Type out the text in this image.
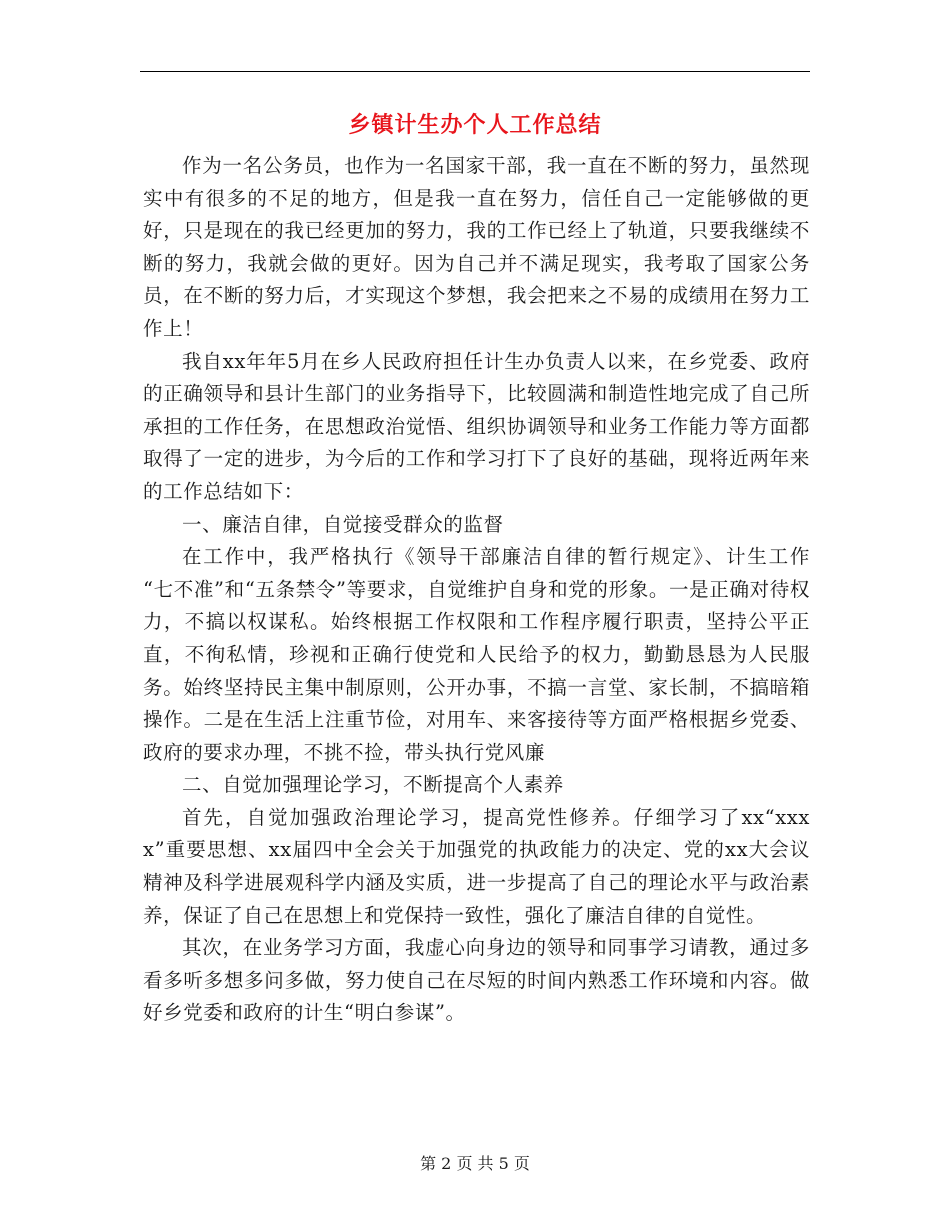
乡镇计生办个人工作总结

作为一名公务员，也作为一名国家干部，我一直在不断的努力，虽然现实中有很多的不足的地方，但是我一直在努力，信任自己一定能够做的更好，只是现在的我已经更加的努力，我的工作已经上了轨道，只要我继续不断的努力，我就会做的更好。因为自己并不满足现实，我考取了国家公务员，在不断的努力后，才实现这个梦想，我会把来之不易的成绩用在努力工作上！

我自xx年年5月在乡人民政府担任计生办负责人以来，在乡党委、政府的正确领导和县计生部门的业务指导下，比较圆满和制造性地完成了自己所承担的工作任务，在思想政治觉悟、组织协调领导和业务工作能力等方面都取得了一定的进步，为今后的工作和学习打下了良好的基础，现将近两年来的工作总结如下：

一、廉洁自律，自觉接受群众的监督

在工作中，我严格执行《领导干部廉洁自律的暂行规定》、计生工作 “七不准”和“五条禁令”等要求，自觉维护自身和党的形象。一是正确对待权力，不搞以权谋私。始终根据工作权限和工作程序履行职责，坚持公平正直，不徇私情，珍视和正确行使党和人民给予的权力，勤勤恳恳为人民服务。始终坚持民主集中制原则，公开办事，不搞一言堂、家长制，不搞暗箱操作。二是在生活上注重节俭，对用车、来客接待等方面严格根据乡党委、政府的要求办理，不挑不捡，带头执行党风廉

二、自觉加强理论学习，不断提高个人素养

首先，自觉加强政治理论学习，提高党性修养。仔细学习了xx“xxxx”重要思想、xx届四中全会关于加强党的执政能力的决定、党的xx大会议精神及科学进展观科学内涵及实质，进一步提高了自己的理论水平与政治素养，保证了自己在思想上和党保持一致性，强化了廉洁自律的自觉性。

其次，在业务学习方面，我虚心向身边的领导和同事学习请教，通过多看多听多想多问多做，努力使自己在尽短的时间内熟悉工作环境和内容。做好乡党委和政府的计生“明白参谋”。

第 2 页 共 5 页
